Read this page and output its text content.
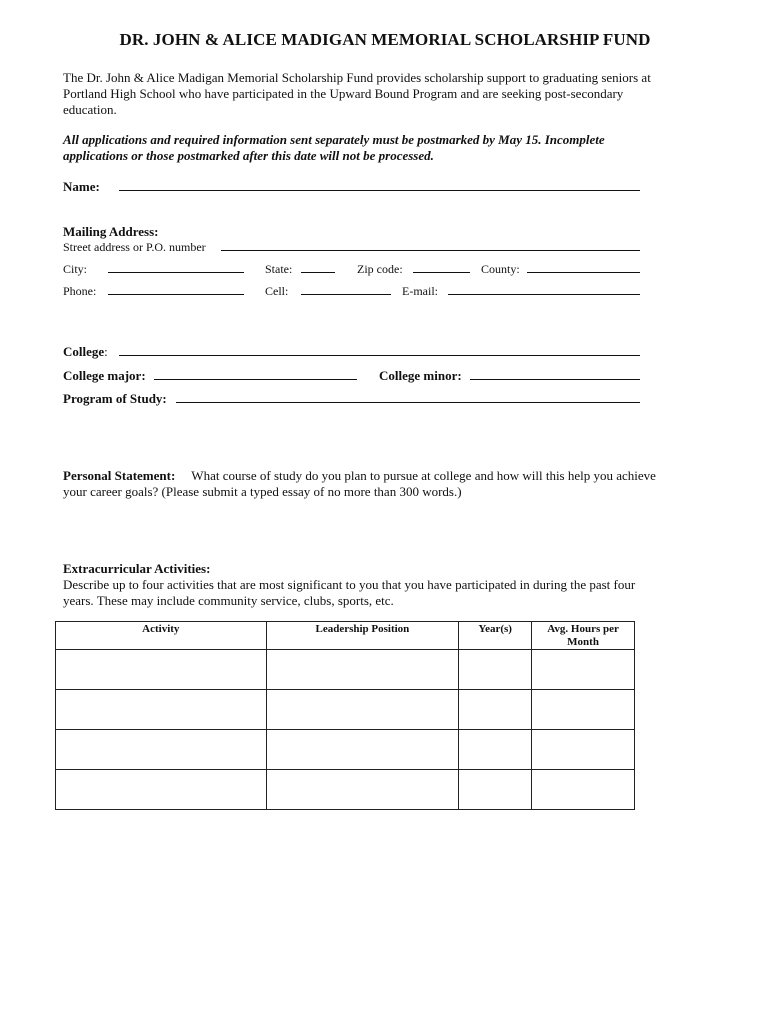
DR. JOHN & ALICE MADIGAN MEMORIAL SCHOLARSHIP FUND
The Dr. John & Alice Madigan Memorial Scholarship Fund provides scholarship support to graduating seniors at Portland High School who have participated in the Upward Bound Program and are seeking post-secondary education.
All applications and required information sent separately must be postmarked by May 15. Incomplete applications or those postmarked after this date will not be processed.
Name:
Mailing Address:
Street address or P.O. number
City:	State:	Zip code:	County:
Phone:	Cell:	E-mail:
College:
College major:	College minor:
Program of Study:
Personal Statement: What course of study do you plan to pursue at college and how will this help you achieve your career goals? (Please submit a typed essay of no more than 300 words.)
Extracurricular Activities:
Describe up to four activities that are most significant to you that you have participated in during the past four years. These may include community service, clubs, sports, etc.
Activity	Leadership Position	Year(s)	Avg. Hours per Month
